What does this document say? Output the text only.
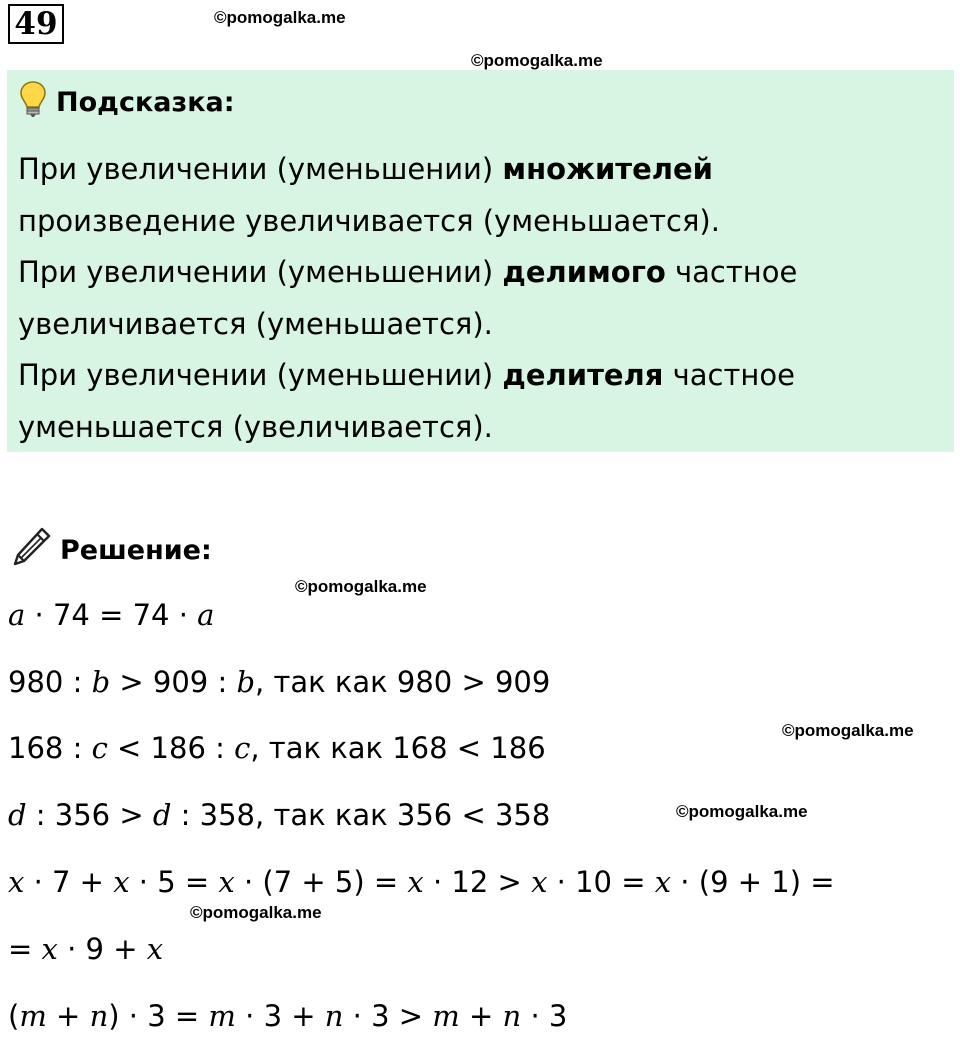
49	©pomogalka.me
©pomogalka.me
Подсказка:

При увеличении (уменьшении) множителей

произведение увеличивается (уменьшается).

При увеличении (уменьшении) делимого частное

увеличивается (уменьшается).

При увеличении (уменьшении) делителя частное

уменьшается (увеличивается).

Решение:
©pomogalka.me
©pomogalka.me
©pomogalka.me
©pomogalka.me
a · 74 = 74 · a
980 : b > 909 : b, так как 980 > 909
168 : c < 186 : c, так как 168 < 186
d : 356 > d : 358, так как 356 < 358
x · 7 + x · 5 = x · (7 + 5) = x · 12 > x · 10 = x · (9 + 1) =
= x · 9 + x
(m + n) · 3 = m · 3 + n · 3 > m + n · 3
